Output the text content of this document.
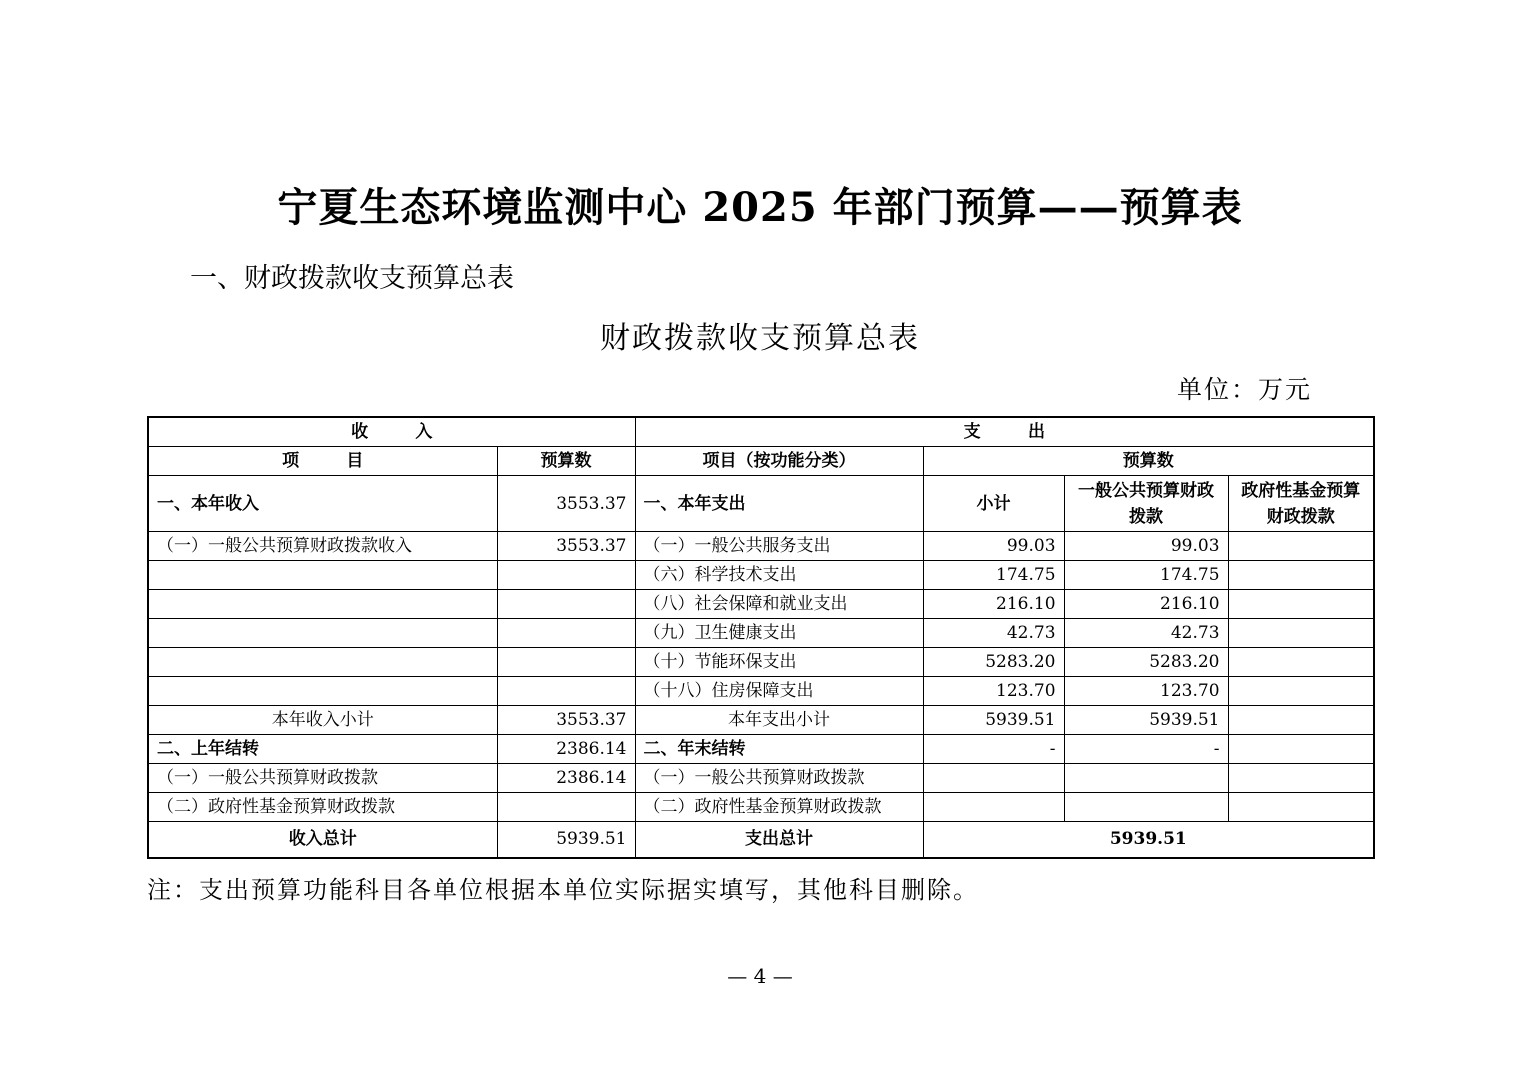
宁夏生态环境监测中心 2025 年部门预算——预算表
一、财政拨款收支预算总表
财政拨款收支预算总表
单位：万元
收        入		支        出			
项        目	预算数	项目（按功能分类）	预算数		
一、本年收入	3553.37	一、本年支出	小计	一般公共预算财政拨款	政府性基金预算财政拨款
（一）一般公共预算财政拨款收入	3553.37	（一）一般公共服务支出	99.03	99.03	
		（六）科学技术支出	174.75	174.75	
		（八）社会保障和就业支出	216.10	216.10	
		（九）卫生健康支出	42.73	42.73	
		（十）节能环保支出	5283.20	5283.20	
		（十八）住房保障支出	123.70	123.70	
本年收入小计	3553.37	本年支出小计	5939.51	5939.51	
二、上年结转	2386.14	二、年末结转	-	-	
（一）一般公共预算财政拨款	2386.14	（一）一般公共预算财政拨款			
（二）政府性基金预算财政拨款		（二）政府性基金预算财政拨款			
收入总计	5939.51	支出总计	5939.51		
注：支出预算功能科目各单位根据本单位实际据实填写，其他科目删除。
— 4 —
